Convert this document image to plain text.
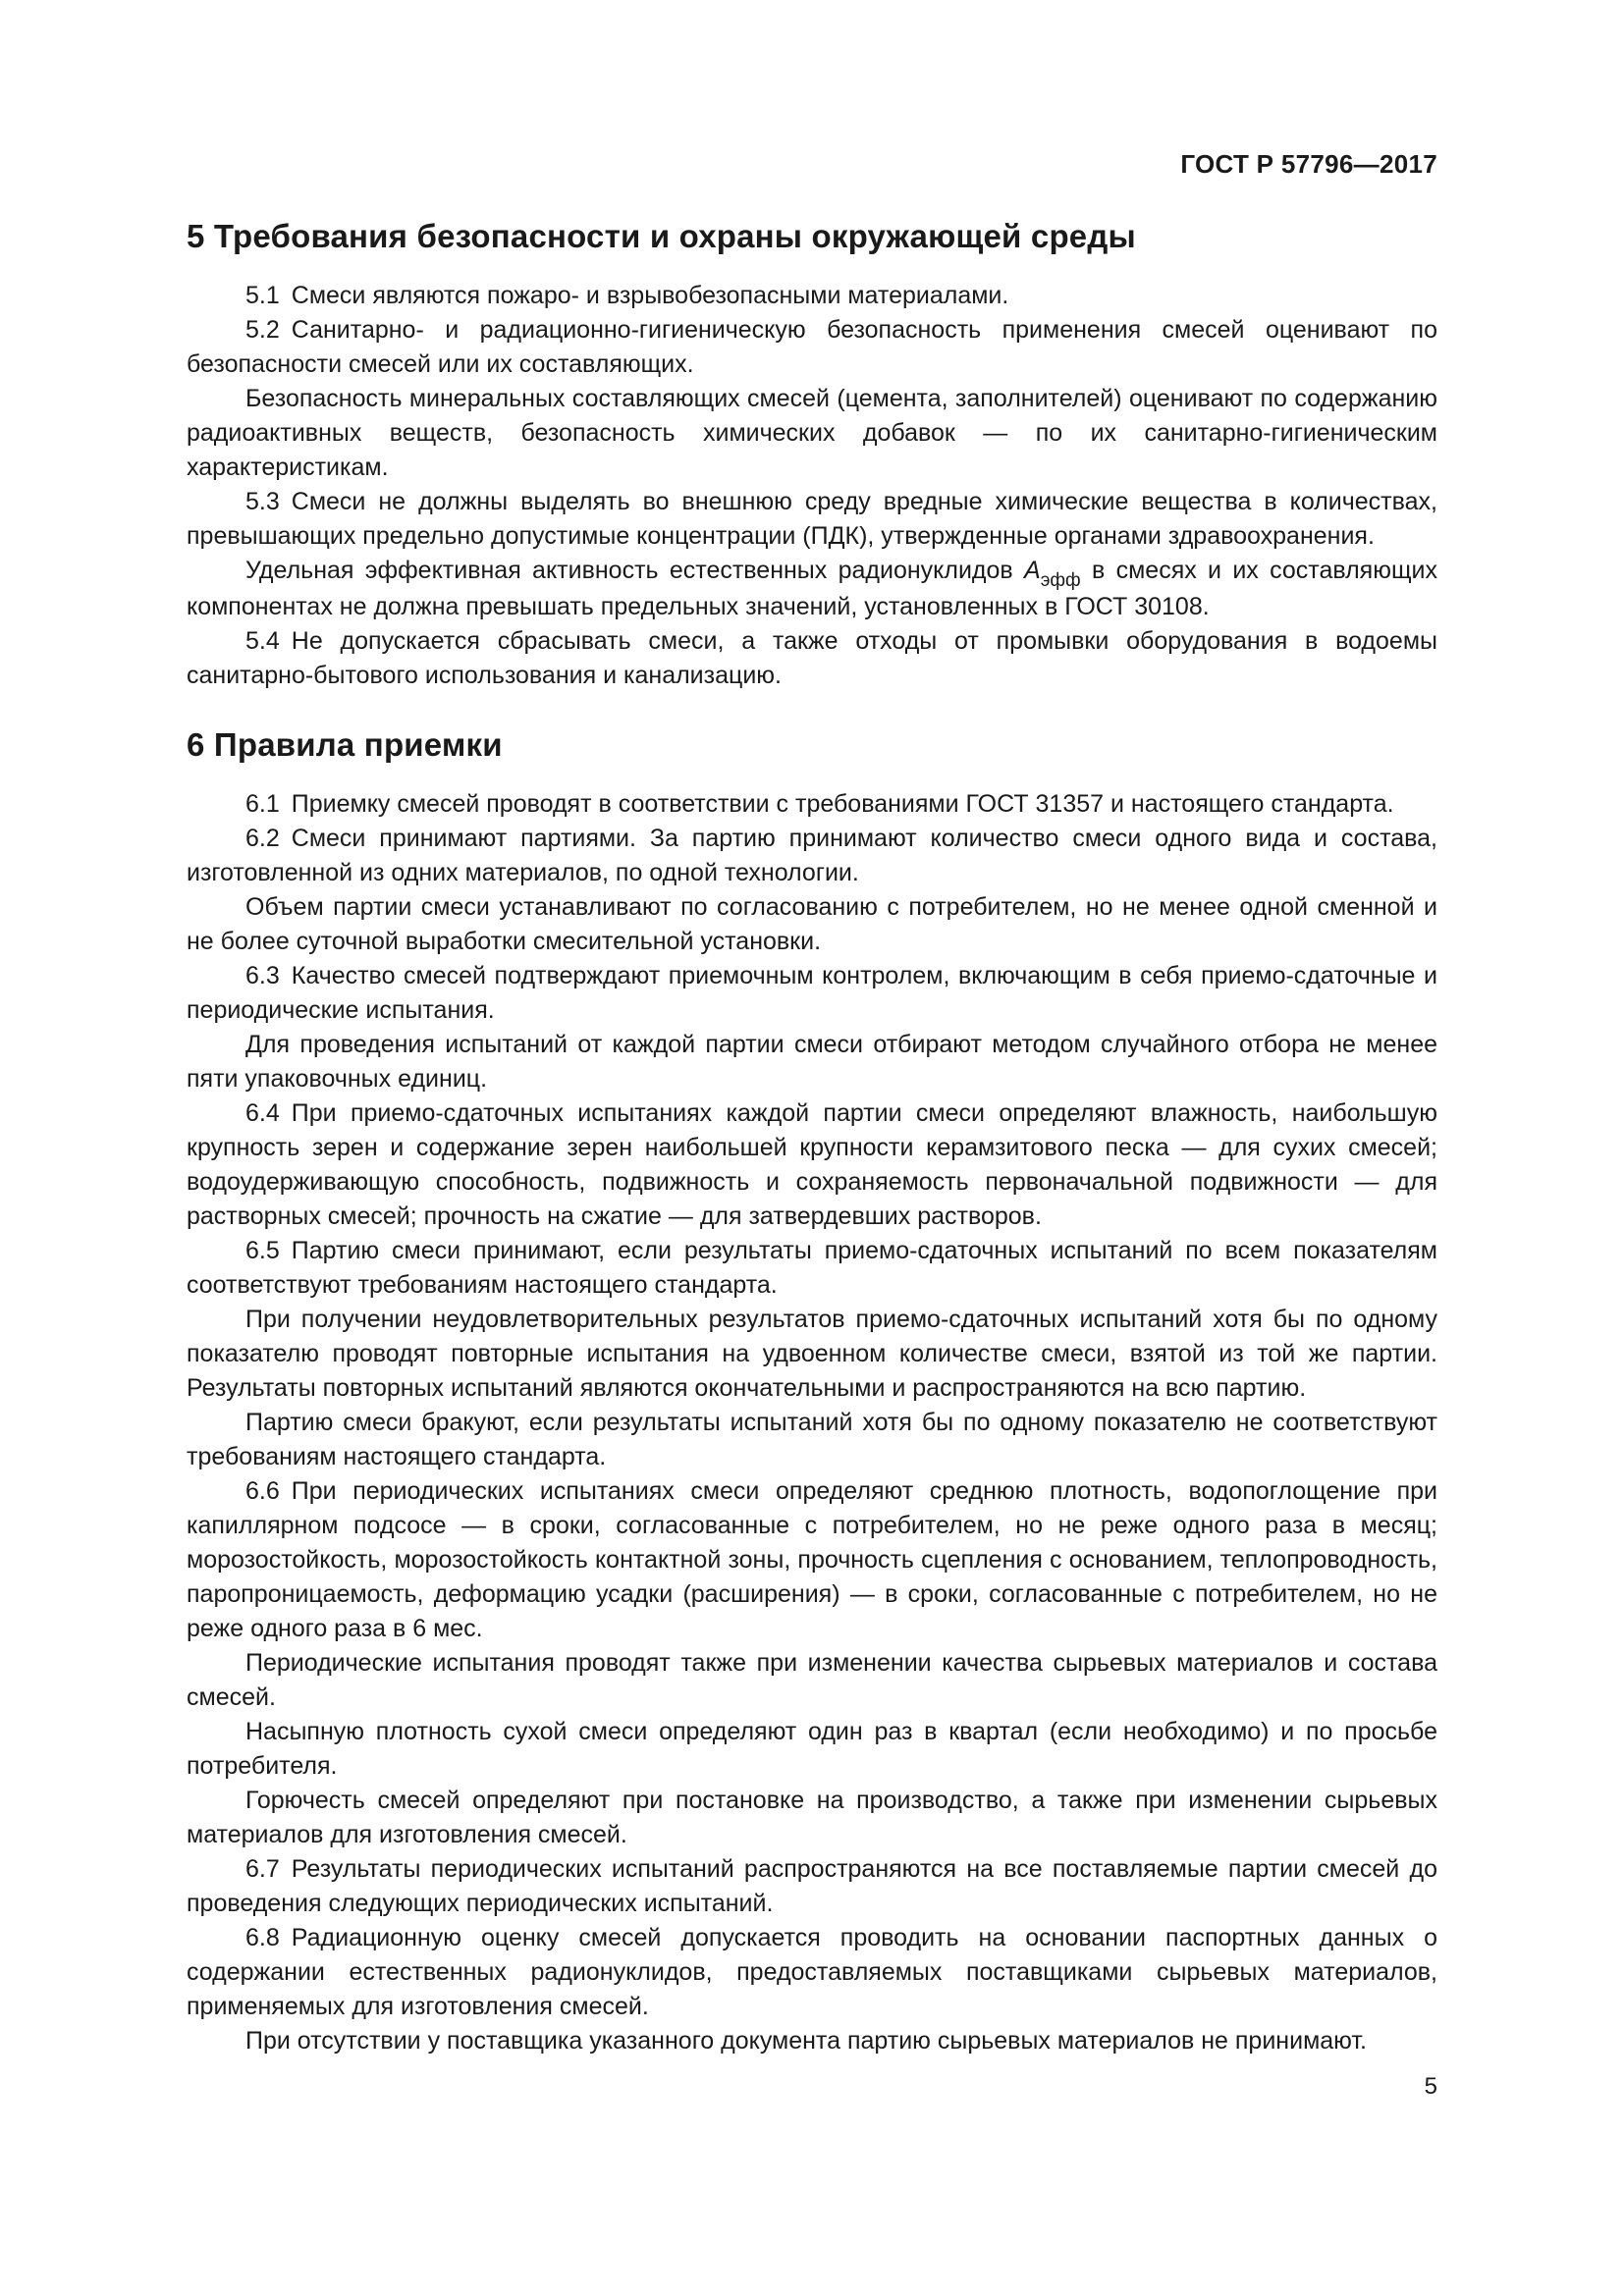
ГОСТ Р 57796—2017
5 Требования безопасности и охраны окружающей среды

5.1 Смеси являются пожаро- и взрывобезопасными материалами.

5.2 Санитарно- и радиационно-гигиеническую безопасность применения смесей оценивают по безопасности смесей или их составляющих.

Безопасность минеральных составляющих смесей (цемента, заполнителей) оценивают по содержанию радиоактивных веществ, безопасность химических добавок — по их санитарно-гигиеническим характеристикам.

5.3 Смеси не должны выделять во внешнюю среду вредные химические вещества в количествах, превышающих предельно допустимые концентрации (ПДК), утвержденные органами здравоохранения.

Удельная эффективная активность естественных радионуклидов $А_{эфф}$ в смесях и их составляющих компонентах не должна превышать предельных значений, установленных в ГОСТ 30108.

5.4 Не допускается сбрасывать смеси, а также отходы от промывки оборудования в водоемы санитарно-бытового использования и канализацию.

6 Правила приемки

6.1 Приемку смесей проводят в соответствии с требованиями ГОСТ 31357 и настоящего стандарта.

6.2 Смеси принимают партиями. За партию принимают количество смеси одного вида и состава, изготовленной из одних материалов, по одной технологии.

Объем партии смеси устанавливают по согласованию с потребителем, но не менее одной сменной и не более суточной выработки смесительной установки.

6.3 Качество смесей подтверждают приемочным контролем, включающим в себя приемо-сдаточные и периодические испытания.

Для проведения испытаний от каждой партии смеси отбирают методом случайного отбора не менее пяти упаковочных единиц.

6.4 При приемо-сдаточных испытаниях каждой партии смеси определяют влажность, наибольшую крупность зерен и содержание зерен наибольшей крупности керамзитового песка — для сухих смесей; водоудерживающую способность, подвижность и сохраняемость первоначальной подвижности — для растворных смесей; прочность на сжатие — для затвердевших растворов.

6.5 Партию смеси принимают, если результаты приемо-сдаточных испытаний по всем показателям соответствуют требованиям настоящего стандарта.

При получении неудовлетворительных результатов приемо-сдаточных испытаний хотя бы по одному показателю проводят повторные испытания на удвоенном количестве смеси, взятой из той же партии. Результаты повторных испытаний являются окончательными и распространяются на всю партию.

Партию смеси бракуют, если результаты испытаний хотя бы по одному показателю не соответствуют требованиям настоящего стандарта.

6.6 При периодических испытаниях смеси определяют среднюю плотность, водопоглощение при капиллярном подсосе — в сроки, согласованные с потребителем, но не реже одного раза в месяц; морозостойкость, морозостойкость контактной зоны, прочность сцепления с основанием, теплопроводность, паропроницаемость, деформацию усадки (расширения) — в сроки, согласованные с потребителем, но не реже одного раза в 6 мес.

Периодические испытания проводят также при изменении качества сырьевых материалов и состава смесей.

Насыпную плотность сухой смеси определяют один раз в квартал (если необходимо) и по просьбе потребителя.

Горючесть смесей определяют при постановке на производство, а также при изменении сырьевых материалов для изготовления смесей.

6.7 Результаты периодических испытаний распространяются на все поставляемые партии смесей до проведения следующих периодических испытаний.

6.8 Радиационную оценку смесей допускается проводить на основании паспортных данных о содержании естественных радионуклидов, предоставляемых поставщиками сырьевых материалов, применяемых для изготовления смесей.

При отсутствии у поставщика указанного документа партию сырьевых материалов не принимают.

5
